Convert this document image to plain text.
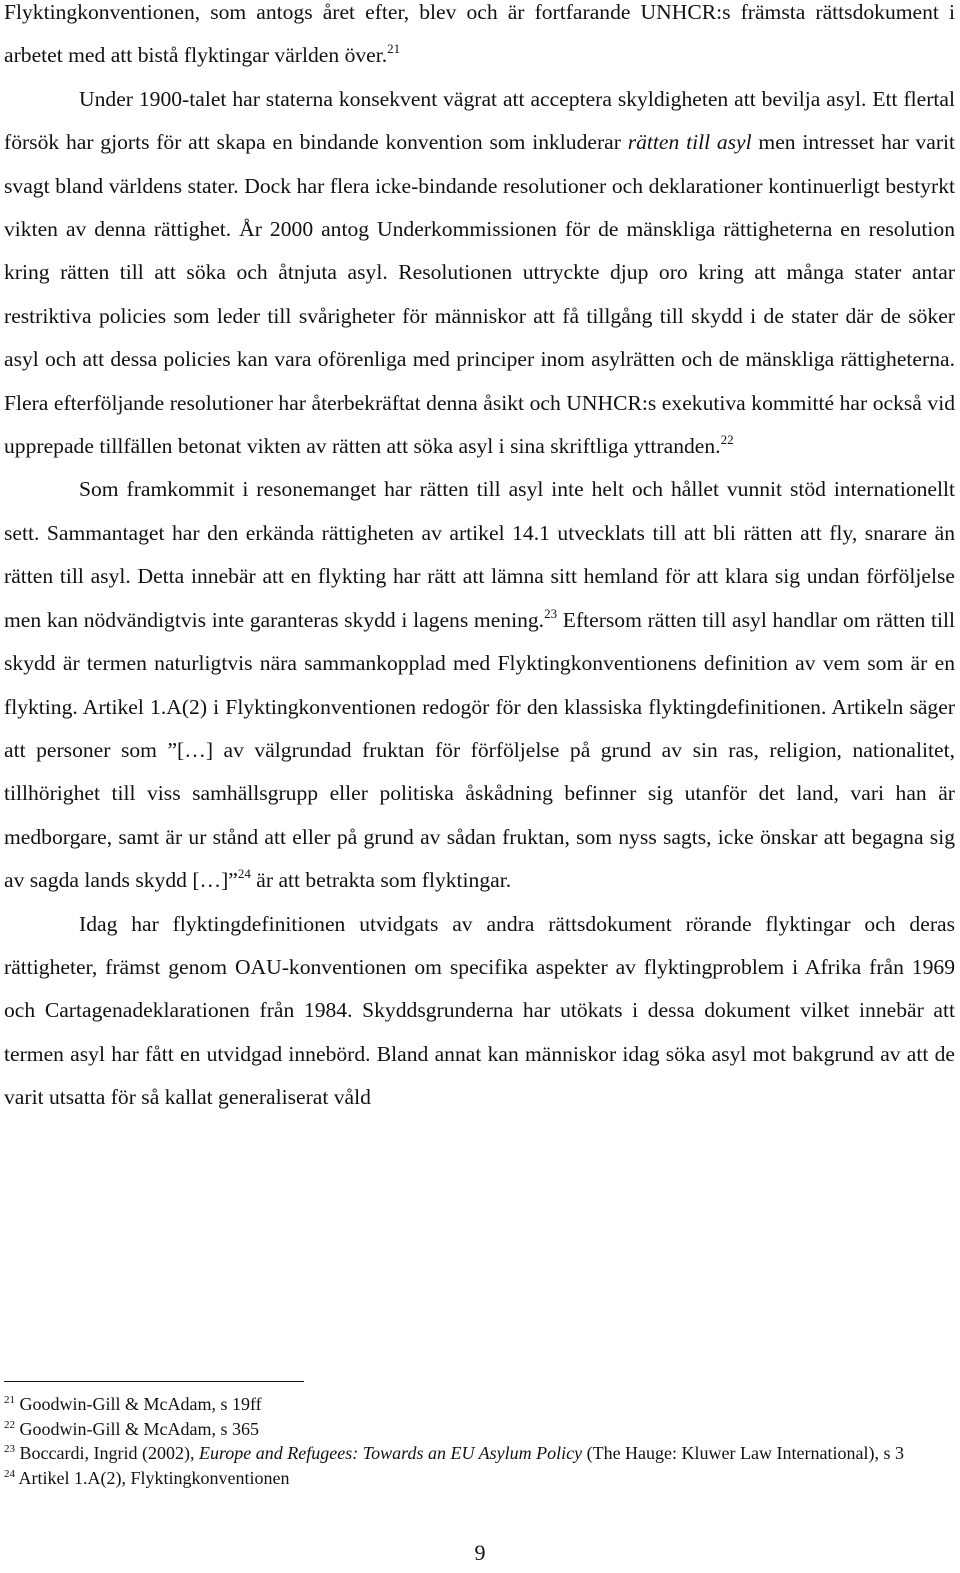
Flyktingkonventionen, som antogs året efter, blev och är fortfarande UNHCR:s främsta rättsdokument i arbetet med att bistå flyktingar världen över.$^{21}$

Under 1900-talet har staterna konsekvent vägrat att acceptera skyldigheten att bevilja asyl. Ett flertal försök har gjorts för att skapa en bindande konvention som inkluderar rätten till asyl men intresset har varit svagt bland världens stater. Dock har flera icke-bindande resolutioner och deklarationer kontinuerligt bestyrkt vikten av denna rättighet. År 2000 antog Underkommissionen för de mänskliga rättigheterna en resolution kring rätten till att söka och åtnjuta asyl. Resolutionen uttryckte djup oro kring att många stater antar restriktiva policies som leder till svårigheter för människor att få tillgång till skydd i de stater där de söker asyl och att dessa policies kan vara oförenliga med principer inom asylrätten och de mänskliga rättigheterna. Flera efterföljande resolutioner har återbekräftat denna åsikt och UNHCR:s exekutiva kommitté har också vid upprepade tillfällen betonat vikten av rätten att söka asyl i sina skriftliga yttranden.$^{22}$

Som framkommit i resonemanget har rätten till asyl inte helt och hållet vunnit stöd internationellt sett. Sammantaget har den erkända rättigheten av artikel 14.1 utvecklats till att bli rätten att fly, snarare än rätten till asyl. Detta innebär att en flykting har rätt att lämna sitt hemland för att klara sig undan förföljelse men kan nödvändigtvis inte garanteras skydd i lagens mening.$^{23}$ Eftersom rätten till asyl handlar om rätten till skydd är termen naturligtvis nära sammankopplad med Flyktingkonventionens definition av vem som är en flykting. Artikel 1.A(2) i Flyktingkonventionen redogör för den klassiska flyktingdefinitionen. Artikeln säger att personer som ”[…] av välgrundad fruktan för förföljelse på grund av sin ras, religion, nationalitet, tillhörighet till viss samhällsgrupp eller politiska åskådning befinner sig utanför det land, vari han är medborgare, samt är ur stånd att eller på grund av sådan fruktan, som nyss sagts, icke önskar att begagna sig av sagda lands skydd […]”$^{24}$ är att betrakta som flyktingar.

Idag har flyktingdefinitionen utvidgats av andra rättsdokument rörande flyktingar och deras rättigheter, främst genom OAU-konventionen om specifika aspekter av flyktingproblem i Afrika från 1969 och Cartagenadeklarationen från 1984. Skyddsgrunderna har utökats i dessa dokument vilket innebär att termen asyl har fått en utvidgad innebörd. Bland annat kan människor idag söka asyl mot bakgrund av att de varit utsatta för så kallat generaliserat våld

$^{21}$ Goodwin-Gill & McAdam, s 19ff

$^{22}$ Goodwin-Gill & McAdam, s 365

$^{23}$ Boccardi, Ingrid (2002), Europe and Refugees: Towards an EU Asylum Policy (The Hauge: Kluwer Law International), s 3

$^{24}$ Artikel 1.A(2), Flyktingkonventionen

9
